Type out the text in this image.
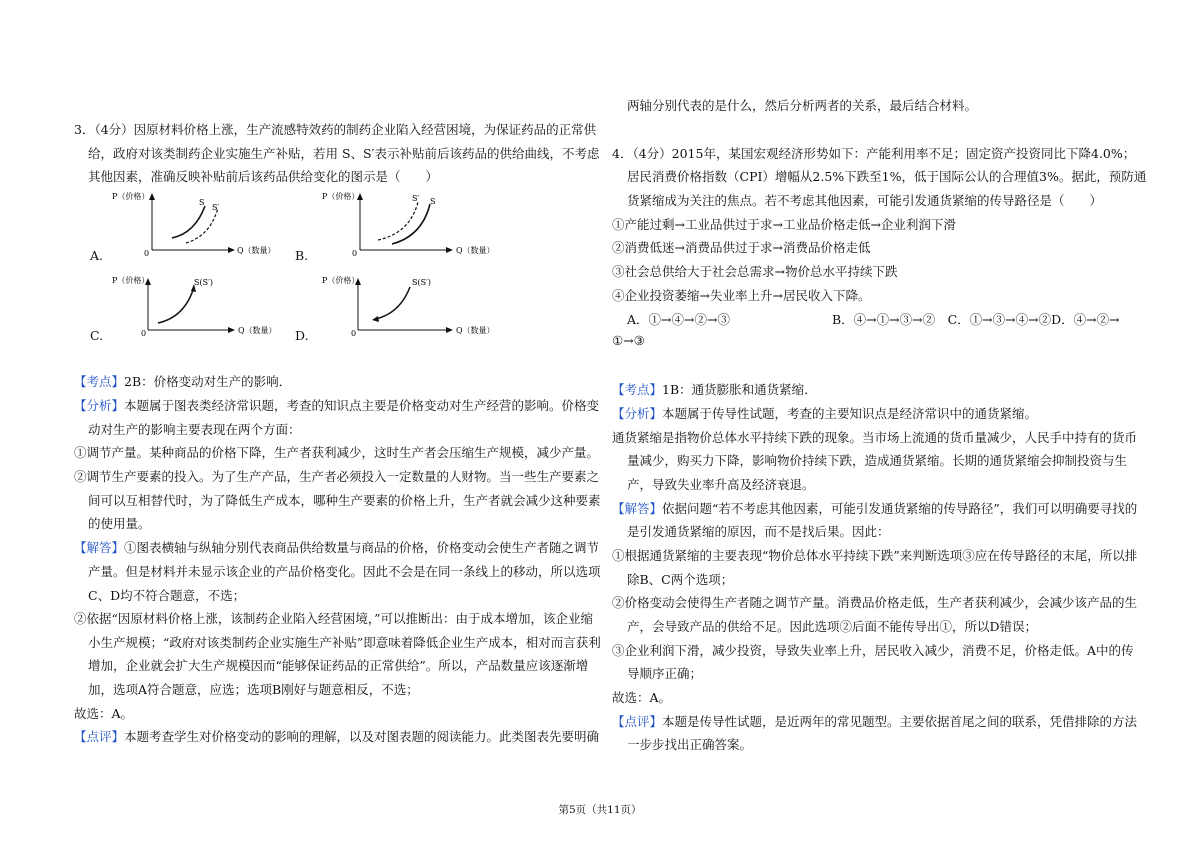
3．（4分）因原材料价格上涨，生产流感特效药的制药企业陷入经营困境，为保证药品的正常供
给，政府对该类制药企业实施生产补贴，若用 S、S′表示补贴前后该药品的供给曲线，不考虑
其他因素，准确反映补贴前后该药品供给变化的图示是（　　）
P（价格）
Q（数量）
0
S
S′
P（价格）
Q（数量）
0
S′ S
P（价格）
Q（数量）
0
S(S′)	P（价格）
Q（数量）
0
S(S′)
A.	B.
C.	D.
【考点】2B：价格变动对生产的影响．
【分析】本题属于图表类经济常识题，考查的知识点主要是价格变动对生产经营的影响。价格变
动对生产的影响主要表现在两个方面：
①调节产量。某种商品的价格下降，生产者获利减少，这时生产者会压缩生产规模，减少产量。
②调节生产要素的投入。为了生产产品，生产者必须投入一定数量的人财物。当一些生产要素之
间可以互相替代时，为了降低生产成本，哪种生产要素的价格上升，生产者就会减少这种要素
的使用量。
【解答】①图表横轴与纵轴分别代表商品供给数量与商品的价格，价格变动会使生产者随之调节
产量。但是材料并未显示该企业的产品价格变化。因此不会是在同一条线上的移动，所以选项
C、D均不符合题意，不选；
②依据“因原材料价格上涨，该制药企业陷入经营困境，”可以推断出：由于成本增加，该企业缩
小生产规模；“政府对该类制药企业实施生产补贴”即意味着降低企业生产成本，相对而言获利
增加，企业就会扩大生产规模因而“能够保证药品的正常供给”。所以，产品数量应该逐渐增
加，选项A符合题意，应选；选项B刚好与题意相反，不选；
故选：A。
【点评】本题考查学生对价格变动的影响的理解，以及对图表题的阅读能力。此类图表先要明确
两轴分别代表的是什么，然后分析两者的关系，最后结合材料。
4．（4分）2015年，某国宏观经济形势如下：产能利用率不足；固定资产投资同比下降4.0%；
居民消费价格指数（CPI）增幅从2.5%下跌至1%，低于国际公认的合理值3%。据此，预防通
货紧缩成为关注的焦点。若不考虑其他因素，可能引发通货紧缩的传导路径是（　　）
①产能过剩→工业品供过于求→工业品价格走低→企业利润下滑
②消费低迷→消费品供过于求→消费品价格走低
③社会总供给大于社会总需求→物价总水平持续下跌
④企业投资萎缩→失业率上升→居民收入下降。
A．①→④→②→③	B．④→①→③→②　C．①→③→④→②D．④→②→
①→③
【考点】1B：通货膨胀和通货紧缩．
【分析】本题属于传导性试题，考查的主要知识点是经济常识中的通货紧缩。
通货紧缩是指物价总体水平持续下跌的现象。当市场上流通的货币量减少，人民手中持有的货币
量减少，购买力下降，影响物价持续下跌，造成通货紧缩。长期的通货紧缩会抑制投资与生
产，导致失业率升高及经济衰退。
【解答】依据问题“若不考虑其他因素，可能引发通货紧缩的传导路径”，我们可以明确要寻找的
是引发通货紧缩的原因，而不是找后果。因此：
①根据通货紧缩的主要表现“物价总体水平持续下跌”来判断选项③应在传导路径的末尾，所以排
除B、C两个选项；
②价格变动会使得生产者随之调节产量。消费品价格走低，生产者获利减少，会减少该产品的生
产，会导致产品的供给不足。因此选项②后面不能传导出①，所以D错误；
③企业利润下滑，减少投资，导致失业率上升，居民收入减少，消费不足，价格走低。A中的传
导顺序正确；
故选：A。
【点评】本题是传导性试题，是近两年的常见题型。主要依据首尾之间的联系，凭借排除的方法
一步步找出正确答案。
第5页（共11页）
